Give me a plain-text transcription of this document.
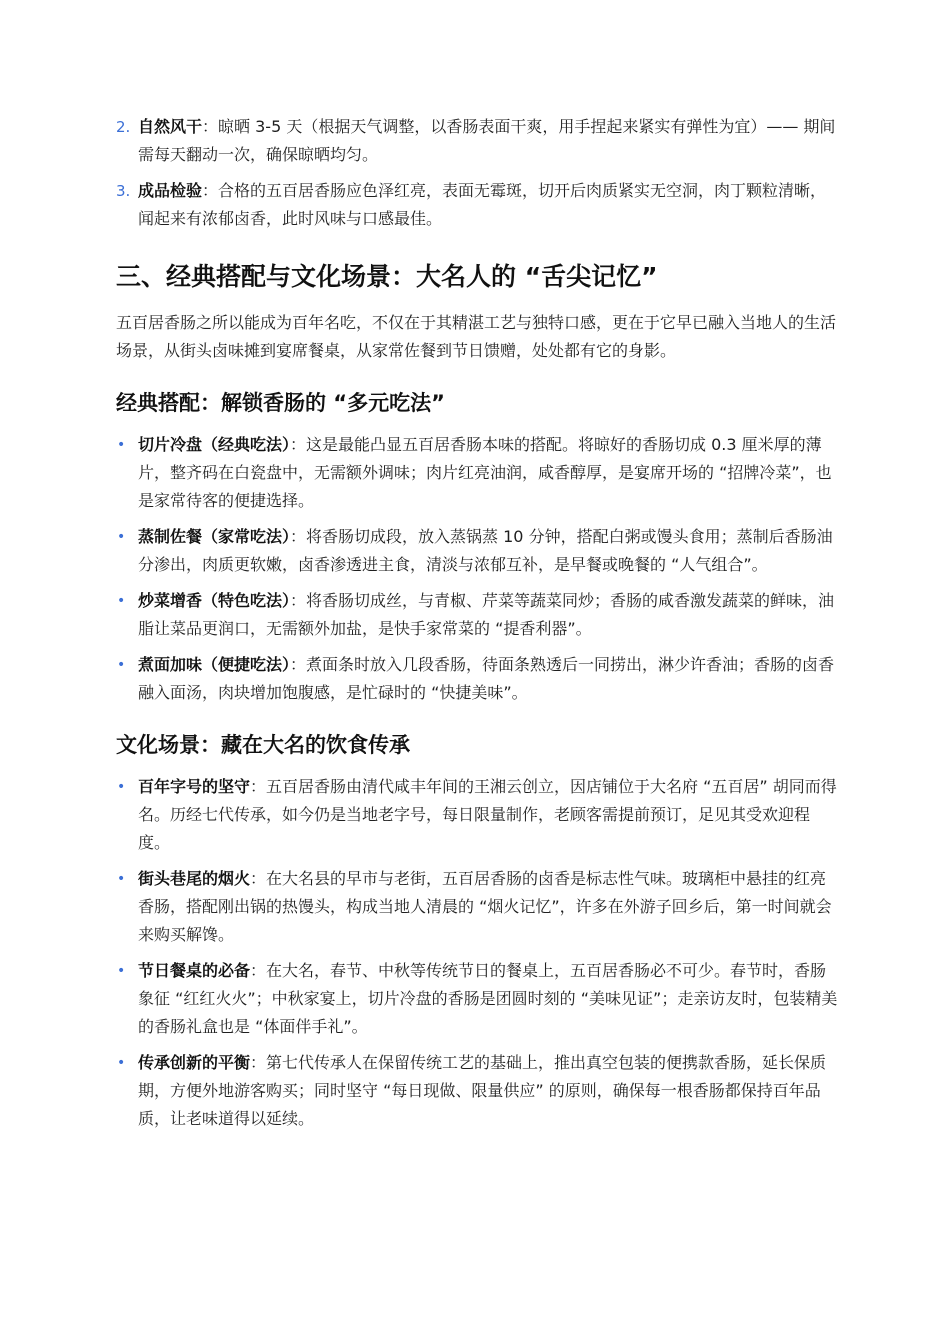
2. 自然风干：晾晒 3-5 天（根据天气调整，以香肠表面干爽，用手捏起来紧实有弹性为宜）—— 期间需每天翻动一次，确保晾晒均匀。
3. 成品检验：合格的五百居香肠应色泽红亮，表面无霉斑，切开后肉质紧实无空洞，肉丁颗粒清晰，闻起来有浓郁卤香，此时风味与口感最佳。
三、经典搭配与文化场景：大名人的 “舌尖记忆”

五百居香肠之所以能成为百年名吃，不仅在于其精湛工艺与独特口感，更在于它早已融入当地人的生活场景，从街头卤味摊到宴席餐桌，从家常佐餐到节日馈赠，处处都有它的身影。

经典搭配：解锁香肠的 “多元吃法”
• 切片冷盘（经典吃法）：这是最能凸显五百居香肠本味的搭配。将晾好的香肠切成 0.3 厘米厚的薄片，整齐码在白瓷盘中，无需额外调味；肉片红亮油润，咸香醇厚，是宴席开场的 “招牌冷菜”，也是家常待客的便捷选择。
• 蒸制佐餐（家常吃法）：将香肠切成段，放入蒸锅蒸 10 分钟，搭配白粥或馒头食用；蒸制后香肠油分渗出，肉质更软嫩，卤香渗透进主食，清淡与浓郁互补，是早餐或晚餐的 “人气组合”。
• 炒菜增香（特色吃法）：将香肠切成丝，与青椒、芹菜等蔬菜同炒；香肠的咸香激发蔬菜的鲜味，油脂让菜品更润口，无需额外加盐，是快手家常菜的 “提香利器”。
• 煮面加味（便捷吃法）：煮面条时放入几段香肠，待面条熟透后一同捞出，淋少许香油；香肠的卤香融入面汤，肉块增加饱腹感，是忙碌时的 “快捷美味”。
文化场景：藏在大名的饮食传承
• 百年字号的坚守：五百居香肠由清代咸丰年间的王湘云创立，因店铺位于大名府 “五百居” 胡同而得名。历经七代传承，如今仍是当地老字号，每日限量制作，老顾客需提前预订，足见其受欢迎程度。
• 街头巷尾的烟火：在大名县的早市与老街，五百居香肠的卤香是标志性气味。玻璃柜中悬挂的红亮香肠，搭配刚出锅的热馒头，构成当地人清晨的 “烟火记忆”，许多在外游子回乡后，第一时间就会来购买解馋。
• 节日餐桌的必备：在大名，春节、中秋等传统节日的餐桌上，五百居香肠必不可少。春节时，香肠象征 “红红火火”；中秋家宴上，切片冷盘的香肠是团圆时刻的 “美味见证”；走亲访友时，包装精美的香肠礼盒也是 “体面伴手礼”。
• 传承创新的平衡：第七代传承人在保留传统工艺的基础上，推出真空包装的便携款香肠，延长保质期，方便外地游客购买；同时坚守 “每日现做、限量供应” 的原则，确保每一根香肠都保持百年品质，让老味道得以延续。
